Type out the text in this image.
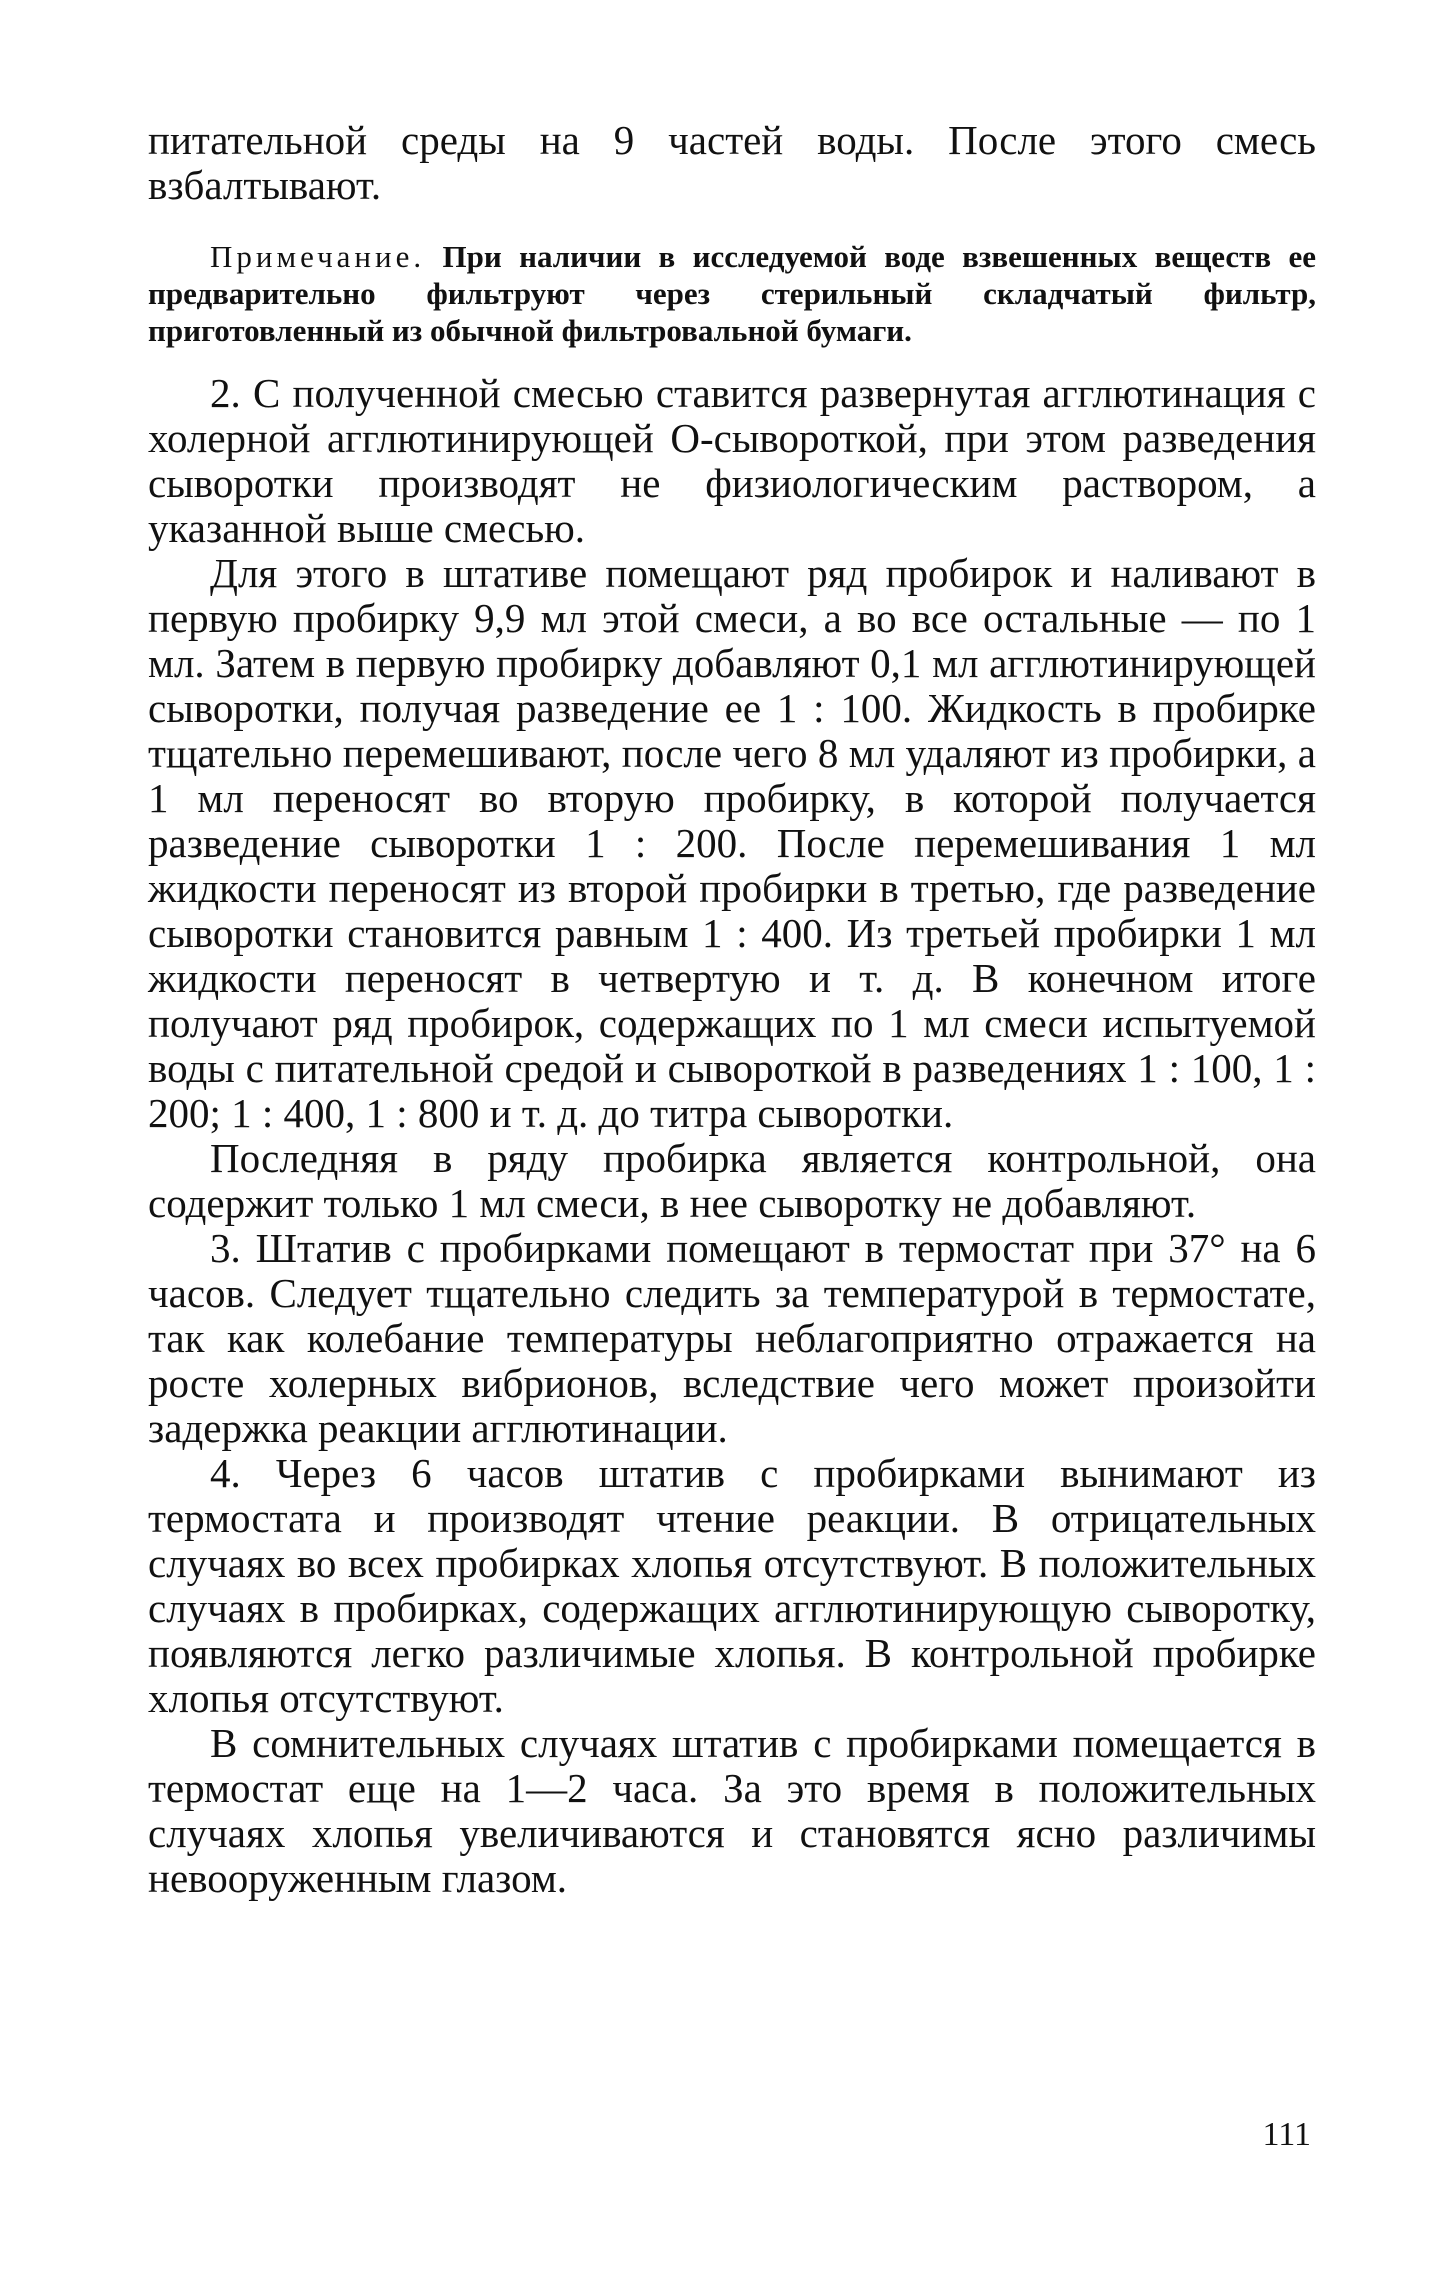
питательной среды на 9 частей воды. После этого смесь взбалтывают.

Примечание. При наличии в исследуемой воде взвешенных веществ ее предварительно фильтруют через стерильный складчатый фильтр, приготовленный из обычной фильтровальной бумаги.

2. С полученной смесью ставится развернутая агглютинация с холерной агглютинирующей О-сывороткой, при этом разведения сыворотки производят не физиологическим раствором, а указанной выше смесью.

Для этого в штативе помещают ряд пробирок и наливают в первую пробирку 9,9 мл этой смеси, а во все остальные — по 1 мл. Затем в первую пробирку добавляют 0,1 мл агглютинирующей сыворотки, получая разведение ее 1 : 100. Жидкость в пробирке тщательно перемешивают, после чего 8 мл удаляют из пробирки, а 1 мл переносят во вторую пробирку, в которой получается разведение сыворотки 1 : 200. После перемешивания 1 мл жидкости переносят из второй пробирки в третью, где разведение сыворотки становится равным 1 : 400. Из третьей пробирки 1 мл жидкости переносят в четвертую и т. д. В конечном итоге получают ряд пробирок, содержащих по 1 мл смеси испытуемой воды с питательной средой и сывороткой в разведениях 1 : 100, 1 : 200; 1 : 400, 1 : 800 и т. д. до титра сыворотки.

Последняя в ряду пробирка является контрольной, она содержит только 1 мл смеси, в нее сыворотку не добавляют.

3. Штатив с пробирками помещают в термостат при 37° на 6 часов. Следует тщательно следить за температурой в термостате, так как колебание температуры неблагоприятно отражается на росте холерных вибрионов, вследствие чего может произойти задержка реакции агглютинации.

4. Через 6 часов штатив с пробирками вынимают из термостата и производят чтение реакции. В отрицательных случаях во всех пробирках хлопья отсутствуют. В положительных случаях в пробирках, содержащих агглютинирующую сыворотку, появляются легко различимые хлопья. В контрольной пробирке хлопья отсутствуют.

В сомнительных случаях штатив с пробирками помещается в термостат еще на 1—2 часа. За это время в положительных случаях хлопья увеличиваются и становятся ясно различимы невооруженным глазом.

111
